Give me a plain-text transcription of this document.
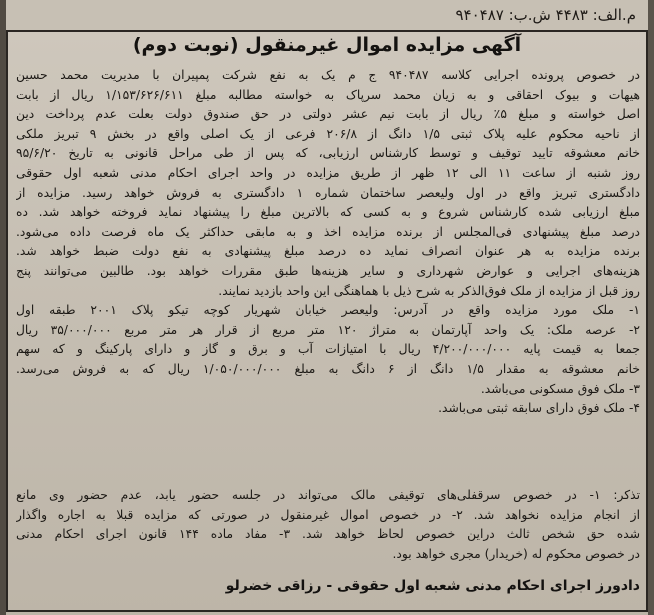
م.الف: ۴۴۸۳ ش.ب: ۹۴۰۴۸۷
آگهی مزایده اموال غیرمنقول (نوبت دوم)
در خصوص پرونده اجرایی کلاسه ۹۴۰۴۸۷ ج م یک به نفع شرکت پمپیران با مدیریت محمد حسین
هیهات و بیوک احقاقی و به زیان محمد سرپاک به خواسته مطالبه مبلغ ۱/۱۵۳/۶۲۶/۶۱۱ ریال از بابت
اصل خواسته و مبلغ ۵٪ ریال از بابت نیم عشر دولتی در حق صندوق دولت بعلت عدم پرداخت دین
از ناحیه محکوم علیه پلاک ثبتی ۱/۵ دانگ از ۲۰۶/۸ فرعی از یک اصلی واقع در بخش ۹ تبریز ملکی
خانم معشوقه تایید توقیف و توسط کارشناس ارزیابی، که پس از طی مراحل قانونی به تاریخ ۹۵/۶/۲۰
روز شنبه از ساعت ۱۱ الی ۱۲ ظهر از طریق مزایده در واحد اجرای احکام مدنی شعبه اول حقوقی
دادگستری تبریز واقع در اول ولیعصر ساختمان شماره ۱ دادگستری به فروش خواهد رسید. مزایده از
مبلغ ارزیابی شده کارشناس شروع و به کسی که بالاترین مبلغ را پیشنهاد نماید فروخته خواهد شد. ده
درصد مبلغ پیشنهادی فی‌المجلس از برنده مزایده اخذ و به مابقی حداکثر یک ماه فرصت داده می‌شود.
برنده مزایده به هر عنوان انصراف نماید ده درصد مبلغ پیشنهادی به نفع دولت ضبط خواهد شد.
هزینه‌های اجرایی و عوارض شهرداری و سایر هزینه‌ها طبق مقررات خواهد بود. طالبین می‌توانند پنج
روز قبل از مزایده از ملک فوق‌الذکر به شرح ذیل با هماهنگی این واحد بازدید نمایند.
۱- ملک مورد مزایده واقع در آدرس: ولیعصر خیابان شهریار کوچه تیکو پلاک ۲۰۰۱ طبقه اول
۲- عرصه ملک: یک واحد آپارتمان به متراژ ۱۲۰ متر مربع از قرار هر متر مربع ۳۵/۰۰۰/۰۰۰ ریال
جمعا به قیمت پایه ۴/۲۰۰/۰۰۰/۰۰۰ ریال با امتیازات آب و برق و گاز و دارای پارکینگ و که سهم
خانم معشوقه به مقدار ۱/۵ دانگ از ۶ دانگ به مبلغ ۱/۰۵۰/۰۰۰/۰۰۰ ریال که به فروش می‌رسد.
۳- ملک فوق مسکونی می‌باشد.
۴- ملک فوق دارای سابقه ثبتی می‌باشد.
تذکر: ۱- در خصوص سرقفلی‌های توقیفی مالک می‌تواند در جلسه حضور یابد، عدم حضور وی مانع
از انجام مزایده نخواهد شد. ۲- در خصوص اموال غیرمنقول در صورتی که مزایده قبلا به اجاره واگذار
شده حق شخص ثالث دراین خصوص لحاظ خواهد شد. ۳- مفاد ماده ۱۴۴ قانون اجرای احکام مدنی
در خصوص محکوم له (خریدار) مجری خواهد بود.
دادورز اجرای احکام مدنی شعبه اول حقوقی - رزاقی خضرلو
